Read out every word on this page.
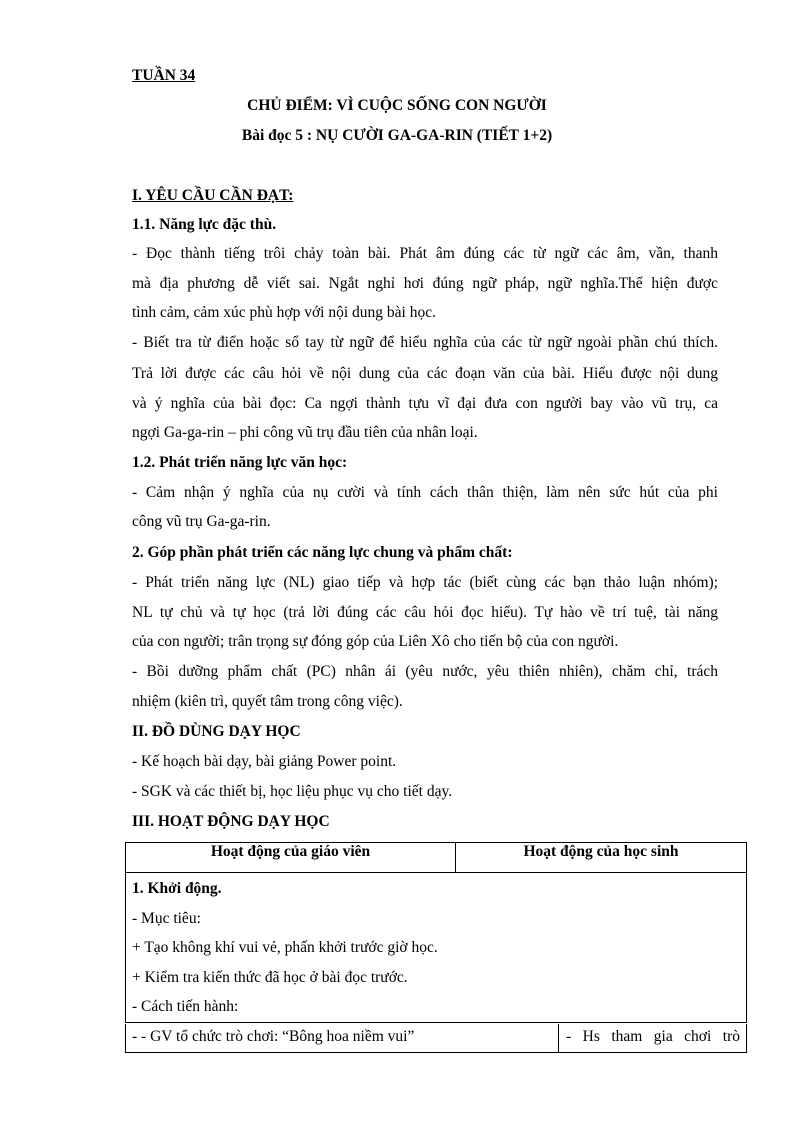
TUẦN 34
CHỦ ĐIỂM: VÌ CUỘC SỐNG CON NGƯỜI
Bài đọc 5 : NỤ CƯỜI GA-GA-RIN (TIẾT 1+2)
I. YÊU CẦU CẦN ĐẠT:
1.1. Năng lực đặc thù.
- Đọc thành tiếng trôi chảy toàn bài. Phát âm đúng các từ ngữ các âm, vần, thanh
mà địa phương dễ viết sai. Ngắt nghỉ hơi đúng ngữ pháp, ngữ nghĩa.Thể hiện được
tình cảm, cảm xúc phù hợp với nội dung bài học.
- Biết tra từ điển hoặc sổ tay từ ngữ để hiểu nghĩa của các từ ngữ ngoài phần chú thích.
Trả lời được các câu hỏi về nội dung của các đoạn văn của bài. Hiểu được nội dung
và ý nghĩa của bài đọc: Ca ngợi thành tựu vĩ đại đưa con người bay vào vũ trụ, ca
ngợi Ga-ga-rin – phi công vũ trụ đầu tiên của nhân loại.
1.2. Phát triển năng lực văn học:
- Cảm nhận ý nghĩa của nụ cười và tính cách thân thiện, làm nên sức hút của phi
công vũ trụ Ga-ga-rin.
2. Góp phần phát triển các năng lực chung và phẩm chất:
- Phát triển năng lực (NL) giao tiếp và hợp tác (biết cùng các bạn thảo luận nhóm);
NL tự chủ và tự học (trả lời đúng các câu hỏi đọc hiểu). Tự hào về trí tuệ, tài năng
của con người; trân trọng sự đóng góp của Liên Xô cho tiến bộ của con người.
- Bồi dưỡng phẩm chất (PC) nhân ái (yêu nước, yêu thiên nhiên), chăm chỉ, trách
nhiệm (kiên trì, quyết tâm trong công việc).
II. ĐỒ DÙNG DẠY HỌC
- Kế hoạch bài dạy, bài giảng Power point.
- SGK và các thiết bị, học liệu phục vụ cho tiết dạy.
III. HOẠT ĐỘNG DẠY HỌC
Hoạt động của giáo viên	Hoạt động của học sinh

1. Khởi động.
- Mục tiêu:
+ Tạo không khí vui vẻ, phấn khởi trước giờ học.
+ Kiểm tra kiến thức đã học ở bài đọc trước.
- Cách tiến hành:
- - GV tổ chức trò chơi: “Bông hoa niềm vui”	- Hs tham gia chơi trò
